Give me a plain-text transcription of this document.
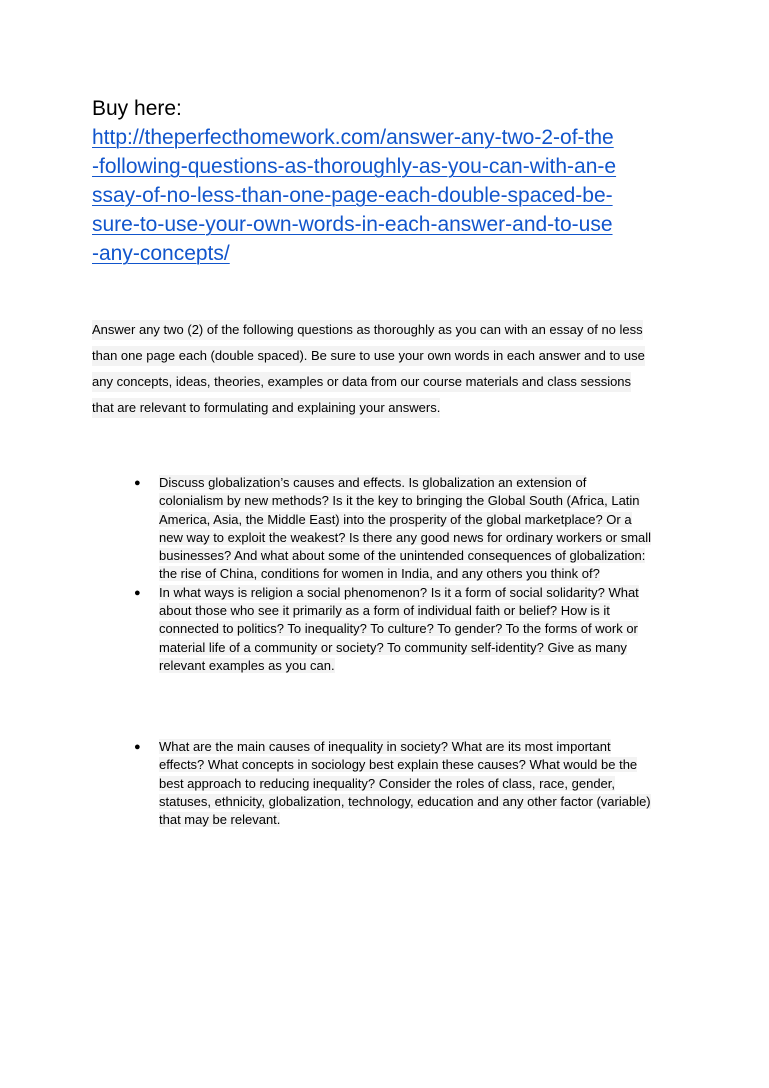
Buy here:
http://theperfecthomework.com/answer-any-two-2-of-the
-following-questions-as-thoroughly-as-you-can-with-an-e
ssay-of-no-less-than-one-page-each-double-spaced-be-
sure-to-use-your-own-words-in-each-answer-and-to-use
-any-concepts/
Answer any two (2) of the following questions as thoroughly as you can with an essay of no less
than one page each (double spaced). Be sure to use your own words in each answer and to use
any concepts, ideas, theories, examples or data from our course materials and class sessions
that are relevant to formulating and explaining your answers.
● Discuss globalization’s causes and effects. Is globalization an extension of
colonialism by new methods? Is it the key to bringing the Global South (Africa, Latin
America, Asia, the Middle East) into the prosperity of the global marketplace? Or a
new way to exploit the weakest? Is there any good news for ordinary workers or small
businesses? And what about some of the unintended consequences of globalization:
the rise of China, conditions for women in India, and any others you think of?
● In what ways is religion a social phenomenon? Is it a form of social solidarity? What
about those who see it primarily as a form of individual faith or belief? How is it
connected to politics? To inequality? To culture? To gender? To the forms of work or
material life of a community or society? To community self-identity? Give as many
relevant examples as you can.
● What are the main causes of inequality in society? What are its most important
effects? What concepts in sociology best explain these causes? What would be the
best approach to reducing inequality? Consider the roles of class, race, gender,
statuses, ethnicity, globalization, technology, education and any other factor (variable)
that may be relevant.
